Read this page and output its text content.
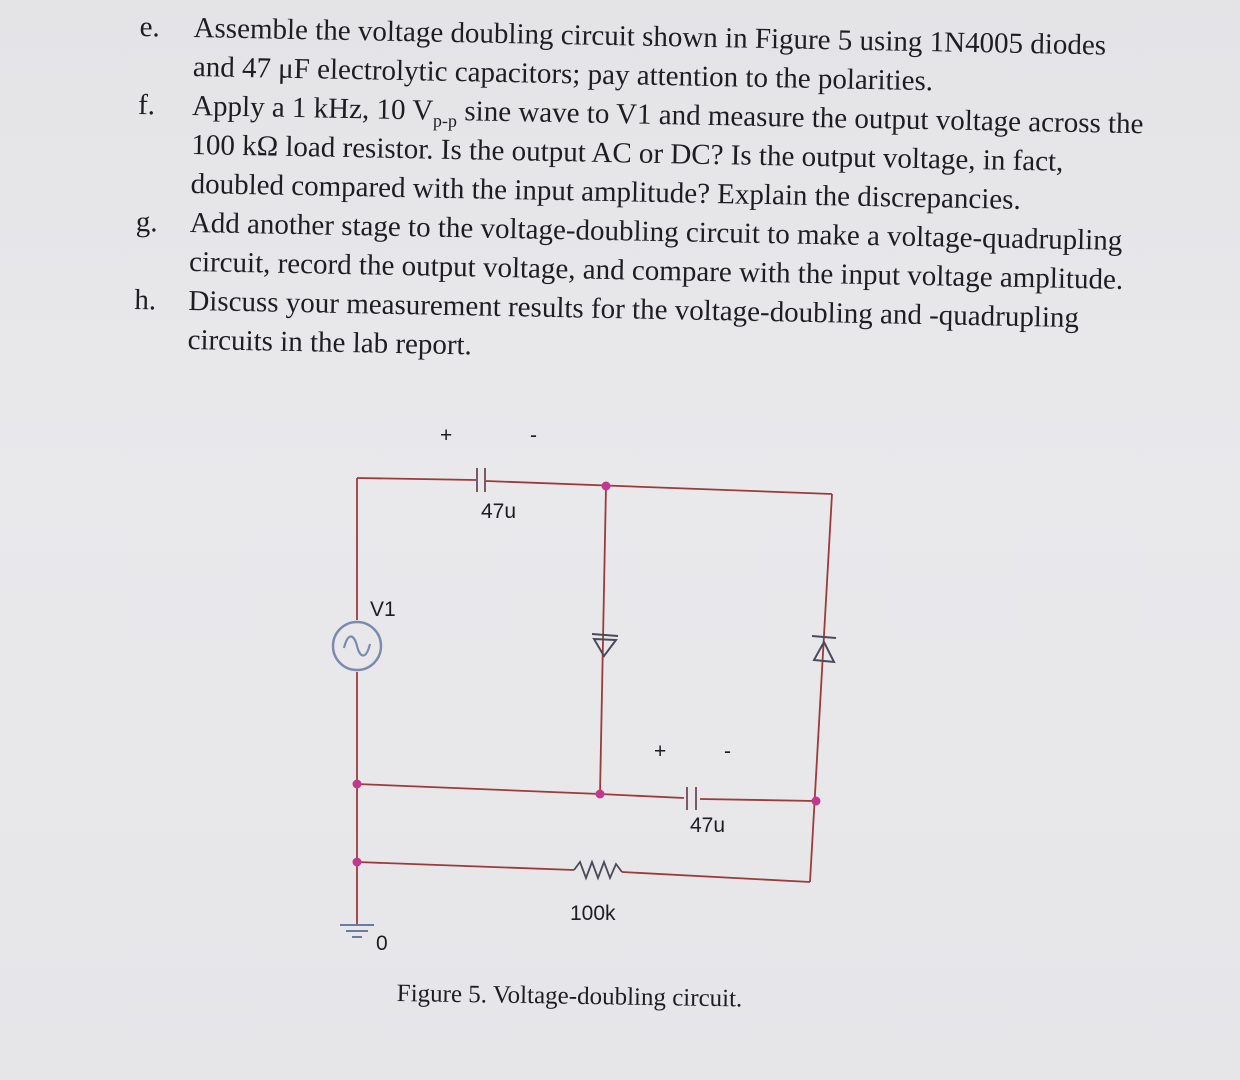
e.	Assemble the voltage doubling circuit shown in Figure 5 using 1N4005 diodes
and 47 μF electrolytic capacitors; pay attention to the polarities.
f.	Apply a 1 kHz, 10 $V_{p-p}$ sine wave to V1 and measure the output voltage across the
100 kΩ load resistor. Is the output AC or DC? Is the output voltage, in fact,
doubled compared with the input amplitude? Explain the discrepancies.
g.	Add another stage to the voltage-doubling circuit to make a voltage-quadrupling
circuit, record the output voltage, and compare with the input voltage amplitude.
h.	Discuss your measurement results for the voltage-doubling and -quadrupling
circuits in the lab report.
+	-
47u
V1
+	-
47u
100k
0
Figure 5. Voltage-doubling circuit.
